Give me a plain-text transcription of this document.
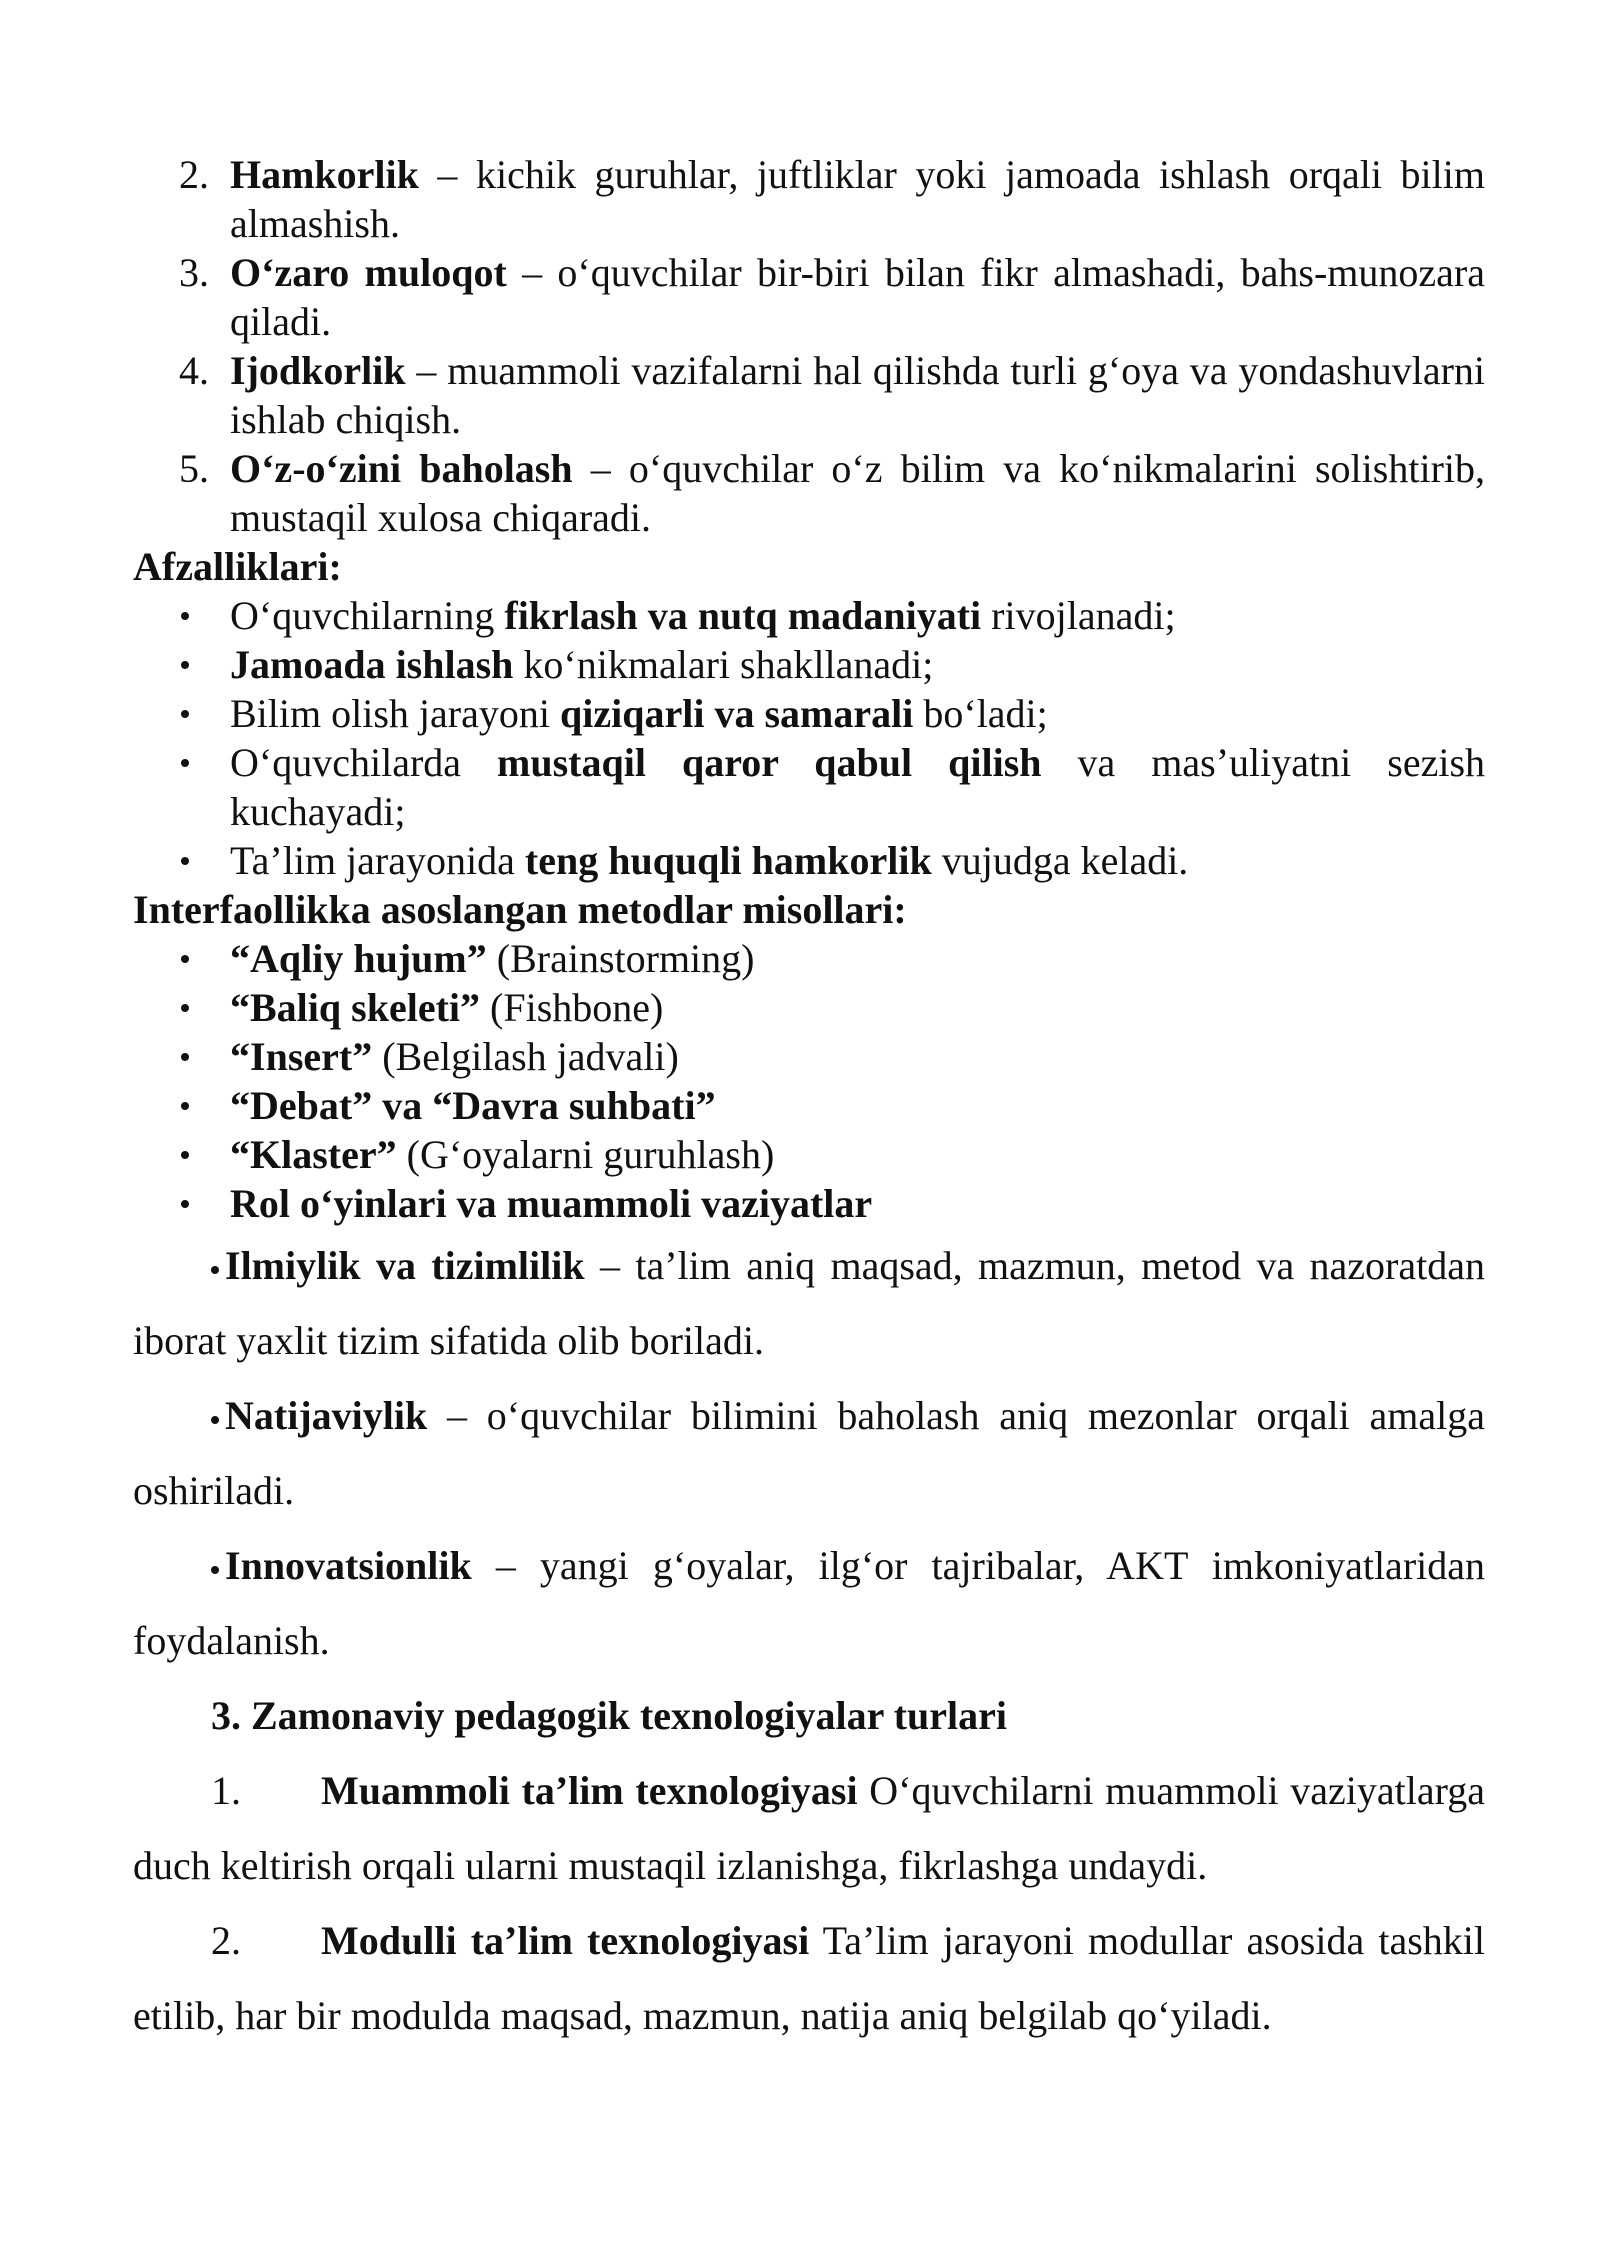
2. Hamkorlik – kichik guruhlar, juftliklar yoki jamoada ishlash orqali bilim almashish.
3. O‘zaro muloqot – o‘quvchilar bir-biri bilan fikr almashadi, bahs-munozara qiladi.
4. Ijodkorlik – muammoli vazifalarni hal qilishda turli g‘oya va yondashuvlarni ishlab chiqish.
5. O‘z-o‘zini baholash – o‘quvchilar o‘z bilim va ko‘nikmalarini solishtirib, mustaqil xulosa chiqaradi.

Afzalliklari:

O‘quvchilarning fikrlash va nutq madaniyati rivojlanadi;
Jamoada ishlash ko‘nikmalari shakllanadi;
Bilim olish jarayoni qiziqarli va samarali bo‘ladi;
O‘quvchilarda mustaqil qaror qabul qilish va mas’uliyatni sezish kuchayadi;
Ta’lim jarayonida teng huquqli hamkorlik vujudga keladi.

Interfaollikka asoslangan metodlar misollari:

“Aqliy hujum” (Brainstorming)
“Baliq skeleti” (Fishbone)
“Insert” (Belgilash jadvali)
“Debat” va “Davra suhbati”
“Klaster” (G‘oyalarni guruhlash)
Rol o‘yinlari va muammoli vaziyatlar

Ilmiylik va tizimlilik – ta’lim aniq maqsad, mazmun, metod va nazoratdan iborat yaxlit tizim sifatida olib boriladi.

Natijaviylik – o‘quvchilar bilimini baholash aniq mezonlar orqali amalga oshiriladi.

Innovatsionlik – yangi g‘oyalar, ilg‘or tajribalar, AKT imkoniyatlaridan foydalanish.

3. Zamonaviy pedagogik texnologiyalar turlari

1. Muammoli ta’lim texnologiyasi O‘quvchilarni muammoli vaziyatlarga duch keltirish orqali ularni mustaqil izlanishga, fikrlashga undaydi.

2. Modulli ta’lim texnologiyasi Ta’lim jarayoni modullar asosida tashkil etilib, har bir modulda maqsad, mazmun, natija aniq belgilab qo‘yiladi.
